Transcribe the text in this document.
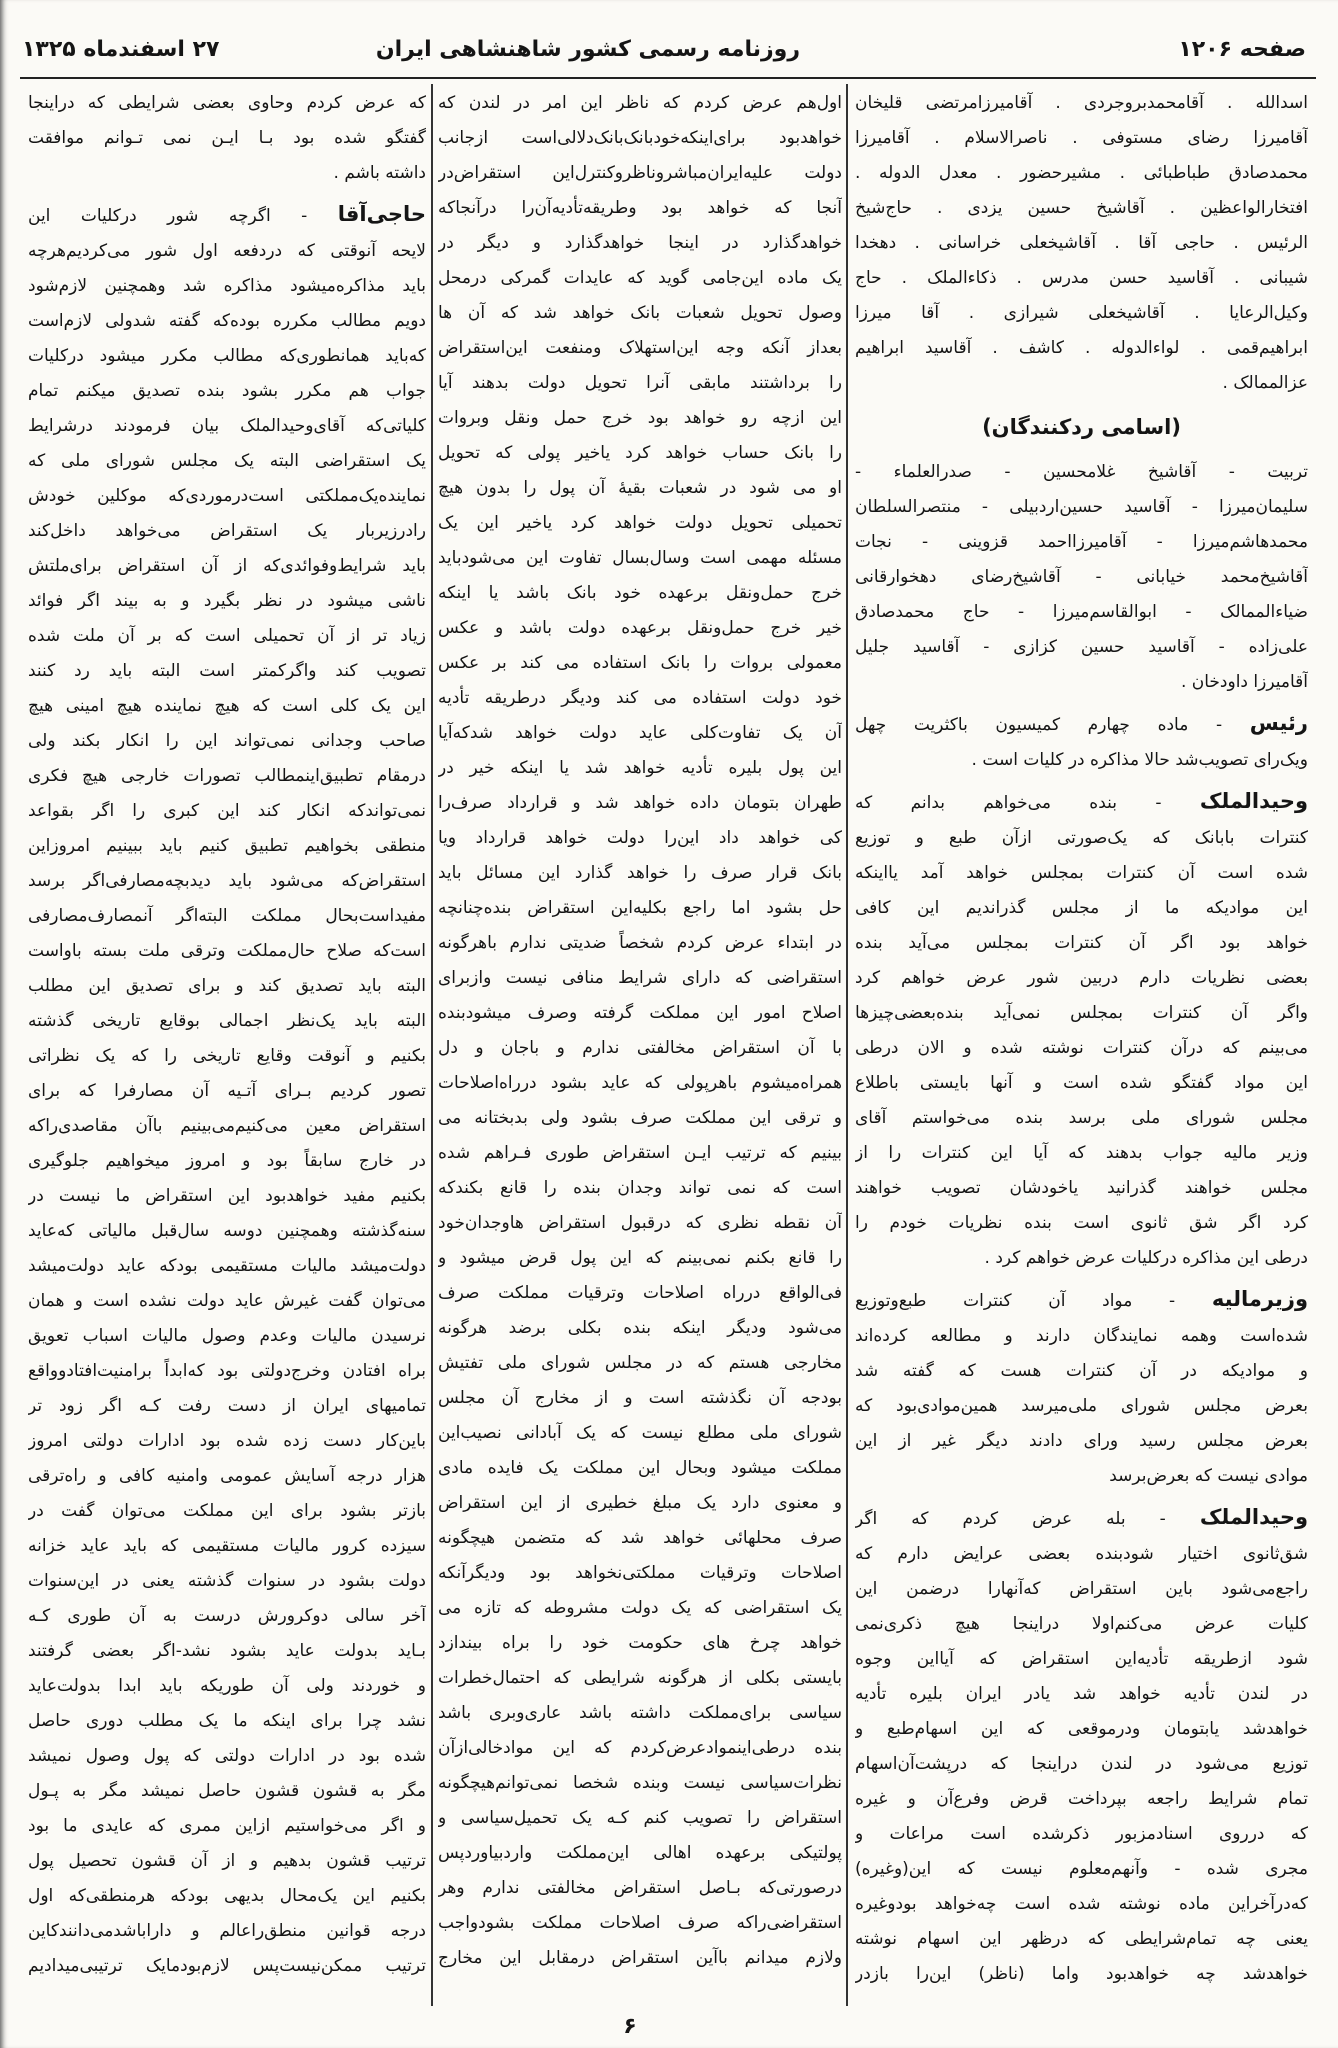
صفحه ۱۲۰۶
روزنامه رسمی کشور شاهنشاهی ایران
۲۷ اسفندماه ۱۳۲۵
اسدالله . آقامحمدبروجردی . آقامیرزامرتضی قلیخان
آقامیرزا رضای مستوفی . ناصرالاسلام . آقامیرزا
محمدصادق طباطبائی . مشیرحضور . معدل الدوله .
افتخارالواعظین . آقاشیخ حسین یزدی . حاج‌شیخ‌
الرئیس . حاجی آقا . آقاشیخعلی خراسانی . دهخدا
شیبانی . آقاسید حسن مدرس . ذکاءالملک . حاج
وکیل‌الرعایا . آقاشیخعلی شیرازی . آقا میرزا
ابراهیم‌قمی . لواءالدوله . کاشف . آقاسید ابراهیم
عزالممالک .
(اسامی ردکنندگان)
تربیت - آقاشیخ غلامحسین - صدرالعلماء -
سلیمان‌میرزا - آقاسید حسین‌اردبیلی - منتصرالسلطان
محمدهاشم‌میرزا - آقامیرزااحمد قزوینی - نجات
آقاشیخ‌محمد خیابانی - آقاشیخ‌رضای دهخوارقانی
ضیاءالممالک - ابوالقاسم‌میرزا - حاج محمدصادق
علی‌زاده - آقاسید حسین کزازی - آقاسید جلیل
آقامیرزا داودخان .
رئیس - ماده چهارم کمیسیون باکثریت چهل
ویک‌رای تصویب‌شد حالا مذاکره در کلیات است .
وحیدالملک - بنده می‌خواهم بدانم که
کنترات بابانک که یک‌صورتی ازآن طبع و توزیع
شده است آن کنترات بمجلس خواهد آمد یااینکه
این موادیکه ما از مجلس گذراندیم این کافی
خواهد بود اگر آن کنترات بمجلس می‌آید بنده
بعضی نظریات دارم دربین شور عرض خواهم کرد
واگر آن کنترات بمجلس نمی‌آید بنده‌بعضی‌چیزها
می‌بینم که درآن کنترات نوشته شده و الان درطی
این مواد گفتگو شده است و آنها بایستی باطلاع
مجلس شورای ملی برسد بنده می‌خواستم آقای
وزیر مالیه جواب بدهند که آیا این کنترات را از
مجلس خواهند گذرانید یاخودشان تصویب خواهند
کرد اگر شق ثانوی است بنده نظریات خودم را
درطی این مذاکره درکلیات عرض خواهم کرد .
وزیرمالیه - مواد آن کنترات طبع‌وتوزیع
شده‌است وهمه نمایندگان دارند و مطالعه کرده‌اند
و موادیکه در آن کنترات هست که گفته شد
بعرض مجلس شورای ملی‌میرسد همین‌موادی‌بود که
بعرض مجلس رسید ورای دادند دیگر غیر از این
موادی نیست که بعرض‌برسد
وحیدالملک - بله عرض کردم که اگر
شق‌ثانوی اختیار شود‌بنده بعضی عرایض دارم که
راجع‌می‌شود باین استقراض که‌آنهارا درضمن این
کلیات عرض می‌کنم‌اولا دراینجا هیچ ذکری‌نمی
شود ازطریقه تأدیه‌این استقراض که آیااین وجوه
در لندن تأدیه خواهد شد یادر ایران بلیره تأدیه
خواهدشد یابتومان ودرموقعی که این اسهام‌طبع و
توزیع می‌شود در لندن دراینجا که درپشت‌آن‌اسهام
تمام شرایط راجعه بپرداخت قرض وفرع‌آن و غیره
که درروی اسنادمزبور ذکرشده است مراعات و
مجری شده - وآنهم‌معلوم نیست که این(وغیره)
که‌درآخراین ماده نوشته شده است چه‌خواهد بودوغیره
یعنی چه تمام‌شرایطی که درظهر این اسهام نوشته
خواهدشد چه خواهدبود واما (ناظر) این‌را بازدر
اول‌هم عرض کردم که ناظر این امر در لندن که
خواهدبود برای‌اینکه‌خودبانک‌بانک‌دلالی‌است ازجانب
دولت علیه‌ایران‌مباشر‌وناظر‌وکنترل‌این استقراض‌در
آنجا که خواهد بود وطریقه‌تأدیه‌آن‌را درآنجاکه
خواهدگذارد در اینجا خواهدگذارد و دیگر در
یک ماده این‌جامی گوید که عایدات گمرکی درمحل
وصول تحویل شعبات بانک خواهد شد که آن ها
بعداز آنکه وجه این‌استهلاک ومنفعت این‌استقراض
را برداشتند مابقی آنرا تحویل دولت بدهند آیا
این ازچه رو خواهد بود خرج حمل ونقل وبروات
را بانک حساب خواهد کرد یاخیر پولی که تحویل
او می شود در شعبات بقیهٔ آن پول را بدون هیچ
تحمیلی تحویل دولت خواهد کرد یاخیر این یک
مسئله مهمی است وسال‌بسال تفاوت این می‌شود‌باید
خرج حمل‌ونقل برعهده خود بانک باشد یا اینکه
خیر خرج حمل‌ونقل برعهده دولت باشد و عکس
معمولی بروات را بانک استفاده می کند بر عکس
خود دولت استفاده می کند ودیگر درطریقه تأدیه
آن یک تفاوت‌کلی عاید دولت خواهد شد‌که‌آیا
این پول بلیره تأدیه خواهد شد یا اینکه خیر در
طهران بتومان داده خواهد شد و قرارداد صرف‌را
کی خواهد داد این‌را دولت خواهد قرارداد ویا
بانک قرار صرف را خواهد گذارد این مسائل باید
حل بشود اما راجع بکلیه‌این استقراض بنده‌چنانچه
در ابتداء عرض کردم شخصاً ضدیتی ندارم باهرگونه
استقراضی که دارای شرایط منافی نیست وازبرای
اصلاح امور این مملکت گرفته وصرف میشود‌بنده
با آن استقراض مخالفتی ندارم و باجان و دل
همراه‌میشوم باهرپولی که عاید بشود درراه‌اصلاحات
و ترقی این مملکت صرف بشود ولی بدبختانه می
بینیم که ترتیب ایـن استقراض طوری فـراهم شده
است که نمی تواند وجدان بنده را قانع بکند‌که
آن نقطه نظری که درقبول استقراض هاوجدان‌خود
را قانع بکنم نمی‌بینم که این پول قرض میشود و
فی‌الواقع درراه اصلاحات وترقیات مملکت صرف
می‌شود ودیگر اینکه بنده بکلی برضد هرگونه
مخارجی هستم که در مجلس شورای ملی تفتیش
بودجه آن نگذشته است و از مخارج آن مجلس
شورای ملی مطلع نیست که یک آبادانی نصیب‌این
مملکت میشود وبحال این مملکت یک فایده مادی
و معنوی دارد یک مبلغ خطیری از این استقراض
صرف محلهائی خواهد شد که متضمن هیچگونه
اصلاحات وترقیات مملکتی‌نخواهد بود ودیگر‌آنکه
یک استقراضی که یک دولت مشروطه که تازه می
خواهد چرخ های حکومت خود را براه بیندازد
بایستی بکلی از هرگونه شرایطی که احتمال‌خطرات
سیاسی برای‌مملکت داشته باشد عاری‌وبری باشد
بنده درطی‌اینمواد‌عرض‌کردم که این موادخالی‌ازآن
نظرات‌سیاسی نیست وبنده شخصا نمی‌توانم‌هیچگونه
استقراض را تصویب کنم کـه یک تحمیل‌سیاسی و
پولتیکی برعهده اهالی این‌مملکت واردبیاوردپس
درصورتی‌که بـاصل استقراض مخالفتی ندارم وهر
استقراضی‌راکه صرف اصلاحات مملکت بشودواجب
ولازم میدانم باآین استقراض درمقابل این مخارج
که عرض کردم وحاوی بعضی شرایطی که دراینجا
گفتگو شده بود بـا ایـن نمی تـوانم موافقت
داشته باشم .
حاجی‌آقا - اگرچه شور درکلیات این
لایحه آنوقتی که دردفعه اول شور می‌کردیم‌هرچه
باید مذاکره‌میشود مذاکره شد وهمچنین لازم‌شود
دویم مطالب مکرره بوده‌که گفته شدولی لازم‌است
که‌باید همانطوری‌که مطالب مکرر میشود درکلیات
جواب هم مکرر بشود بنده تصدیق میکنم تمام
کلیاتی‌که آقای‌وحیدالملک بیان فرمودند درشرایط
یک استقراضی البته یک مجلس شورای ملی که
نماینده‌یک‌مملکتی است‌درموردی‌که موکلین خودش
رادرزیربار یک استقراض می‌خواهد داخل‌کند
باید شرایط‌وفوائدی‌که از آن استقراض برای‌ملتش
ناشی میشود در نظر بگیرد و به بیند اگر فوائد
زیاد تر از آن تحمیلی است که بر آن ملت شده
تصویب کند واگرکمتر است البته باید رد کنند
این یک کلی است که هیچ نماینده هیچ امینی هیچ
صاحب وجدانی نمی‌تواند این را انکار بکند ولی
درمقام تطبیق‌اینمطالب تصورات خارجی هیچ فکری
نمی‌تواندکه انکار کند این کبری را اگر بقواعد
منطقی بخواهیم تطبیق کنیم باید ببینیم امروزاین
استقراض‌که می‌شود باید دید‌بچه‌مصارفی‌اگر برسد
مفیداست‌بحال مملکت البته‌اگر آنمصارف‌مصارفی
است‌که صلاح حال‌مملکت وترقی ملت بسته باواست
البته باید تصدیق کند و برای تصدیق این مطلب
البته باید یک‌نظر اجمالی بوقایع تاریخی گذشته
بکنیم و آنوقت وقایع تاریخی را که یک نظراتی
تصور کردیم بـرای آتـیه آن مصارفرا که برای
استقراض معین می‌کنیم‌می‌بینیم باآن مقاصدی‌راکه
در خارج سابقاً بود و امروز میخواهیم جلوگیری
بکنیم مفید خواهدبود این استقراض ما نیست در
سنه‌گذشته وهمچنین دوسه سال‌قبل مالیاتی که‌عاید
دولت‌میشد مالیات مستقیمی بودکه عاید دولت‌میشد
می‌توان گفت غیرش عاید دولت نشده است و همان
نرسیدن مالیات وعدم وصول مالیات اسباب تعویق
براه افتادن وخرج‌دولتی بود که‌ابداً برامنیت‌افتادوواقع
تمامیهای ایران از دست رفت کـه اگر زود تر
باین‌کار دست زده شده بود ادارات دولتی امروز
هزار درجه آسایش عمومی وامنیه‌ کافی و راه‌ترقی
بازتر بشود برای این مملکت می‌توان گفت در
سیزده کرور مالیات مستقیمی که باید عاید خزانه
دولت بشود در سنوات گذشته یعنی در این‌سنوات
آخر سالی دوکرورش درست به آن طوری کـه
بـاید بدولت عاید بشود نشد-اگر بعضی گرفتند
و خوردند ولی آن طوریکه باید ابدا بدولت‌عاید
نشد چرا برای اینکه ما یک مطلب دوری حاصل
شده بود در ادارات دولتی که پول وصول نمیشد
مگر به قشون قشون حاصل نمیشد مگر به پـول
و اگر می‌خواستیم ازاین ممری که عایدی ما بود
ترتیب قشون بدهیم و از آن قشون تحصیل پول
بکنیم این یک‌محال بدیهی بودکه هرمنطقی‌که اول
درجه قوانین منطق‌راعالم و دارا‌باشدمی‌دانندکاین
ترتیب ممکن‌نیست‌پس لازم‌بودمایک ترتیبی‌میدادیم
۶
